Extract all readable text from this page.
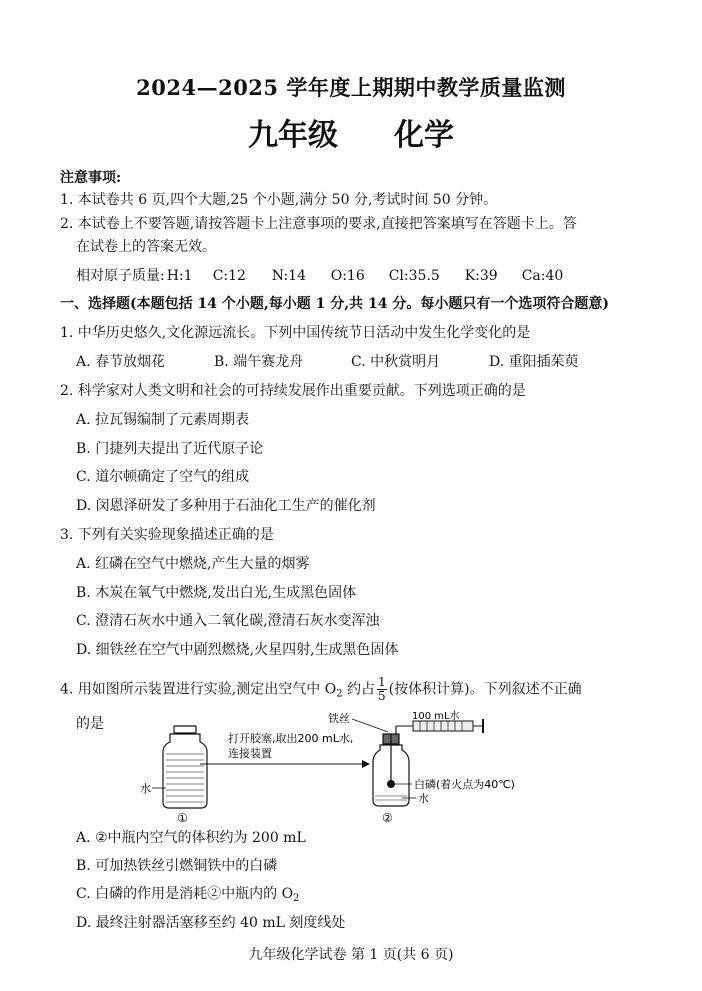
2024—2025 学年度上期期中教学质量监测
九年级 化学
注意事项:
1. 本试卷共 6 页,四个大题,25 个小题,满分 50 分,考试时间 50 分钟。
2. 本试卷上不要答题,请按答题卡上注意事项的要求,直接把答案填写在答题卡上。答
在试卷上的答案无效。
相对原子质量: H:1 C:12 N:14 O:16 Cl:35.5 K:39 Ca:40
一、选择题(本题包括 14 个小题,每小题 1 分,共 14 分。每小题只有一个选项符合题意)
1. 中华历史悠久,文化源远流长。下列中国传统节日活动中发生化学变化的是
A. 春节放烟花	B. 端午赛龙舟	C. 中秋赏明月	D. 重阳插茱萸
2. 科学家对人类文明和社会的可持续发展作出重要贡献。下列选项正确的是
A. 拉瓦锡编制了元素周期表
B. 门捷列夫提出了近代原子论
C. 道尔顿确定了空气的组成
D. 闵恩泽研发了多种用于石油化工生产的催化剂
3. 下列有关实验现象描述正确的是
A. 红磷在空气中燃烧,产生大量的烟雾
B. 木炭在氧气中燃烧,发出白光,生成黑色固体
C. 澄清石灰水中通入二氧化碳,澄清石灰水变浑浊
D. 细铁丝在空气中剧烈燃烧,火星四射,生成黑色固体
4. 用如图所示装置进行实验,测定出空气中 $O_2$ 约占 $\frac{1}{5}$ (按体积计算)。下列叙述不正确
的是
水
①
打开胶塞,取出200 mL水,
连接装置
②
铁丝	100 mL水
白磷(着火点为40℃)
水
A. ②中瓶内空气的体积约为 200 mL
B. 可加热铁丝引燃铜铁中的白磷
C. 白磷的作用是消耗②中瓶内的 $O_2$
D. 最终注射器活塞移至约 40 mL 刻度线处
九年级化学试卷 第 1 页(共 6 页)
